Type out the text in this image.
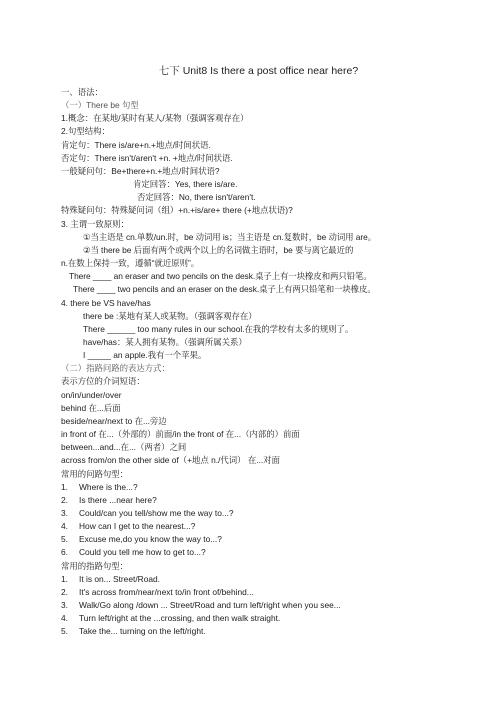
七下 Unit8 Is there a post office near here?
一、语法：
（一）There be 句型
1.概念：在某地/某时有某人/某物（强调客观存在）
2.句型结构：
肯定句：There is/are+n.+地点/时间状语.
否定句：There isn't/aren't +n. +地点/时间状语.
一般疑问句：Be+there+n.+地点/时间状语?
肯定回答：Yes, there is/are.
否定回答：No, there isn't/aren't.
特殊疑问句：特殊疑问词（组）+n.+is/are+ there (+地点状语)?
3. 主谓一致原则：
①当主语是 cn.单数/un.时，be 动词用 is；当主语是 cn.复数时，be 动词用 are。
②当 there be 后面有两个或两个以上的名词做主语时，be 要与离它最近的
n.在数上保持一致，遵循“就近原则”。
There ____ an eraser and two pencils on the desk.桌子上有一块橡皮和两只铅笔。
There ____ two pencils and an eraser on the desk.桌子上有两只铅笔和一块橡皮。
4. there be VS have/has
there be :某地有某人或某物。（强调客观存在）
There ______ too many rules in our school.在我的学校有太多的规则了。
have/has：某人拥有某物。（强调所属关系）
I _____ an apple.我有一个苹果。
（二）指路问路的表达方式：
表示方位的介词短语：
on/in/under/over
behind 在...后面
beside/near/next to 在...旁边
in front of 在...（外部的）前面/in the front of 在...（内部的）前面
between...and...在...（两者）之间
across from/on the other side of（+地点 n./代词） 在...对面
常用的问路句型：
1.	Where is the...?
2.	Is there ...near here?
3.	Could/can you tell/show me the way to...?
4.	How can I get to the nearest...?
5.	Excuse me,do you know the way to...?
6.	Could you tell me how to get to...?
常用的指路句型：
1.	It is on... Street/Road.
2.	It's across from/near/next to/in front of/behind...
3.	Walk/Go along /down ... Street/Road and turn left/right when you see...
4.	Turn left/right at the ...crossing, and then walk straight.
5.	Take the... turning on the left/right.
